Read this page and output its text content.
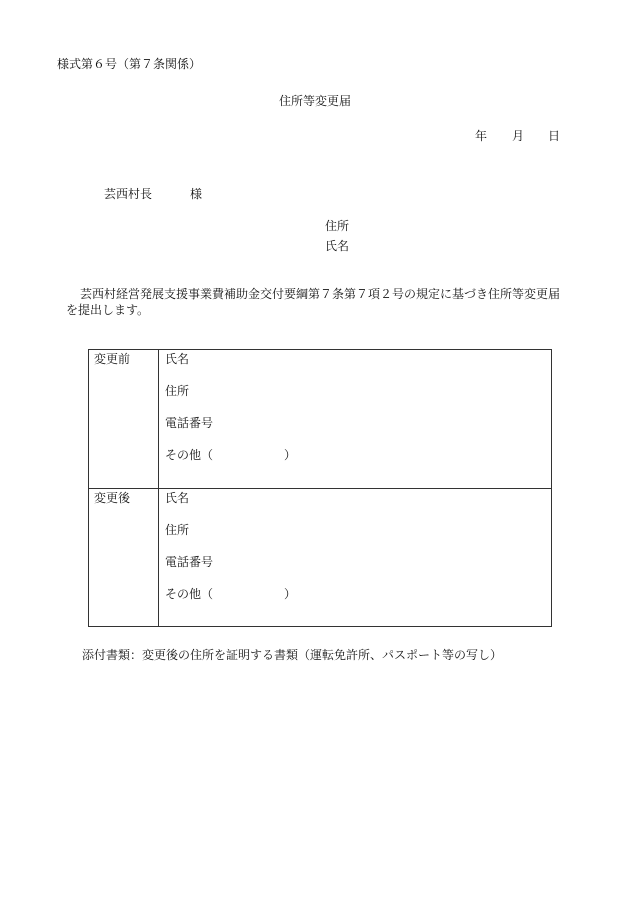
様式第６号（第７条関係）
住所等変更届
年 月 日
芸西村長	様
住所
氏名
芸西村経営発展支援事業費補助金交付要綱第７条第７項２号の規定に基づき住所等変更届を提出します。
変更前	氏名
住所
電話番号
その他（	）
変更後	氏名
住所
電話番号
その他（	）
添付書類：変更後の住所を証明する書類（運転免許所、パスポート等の写し）
